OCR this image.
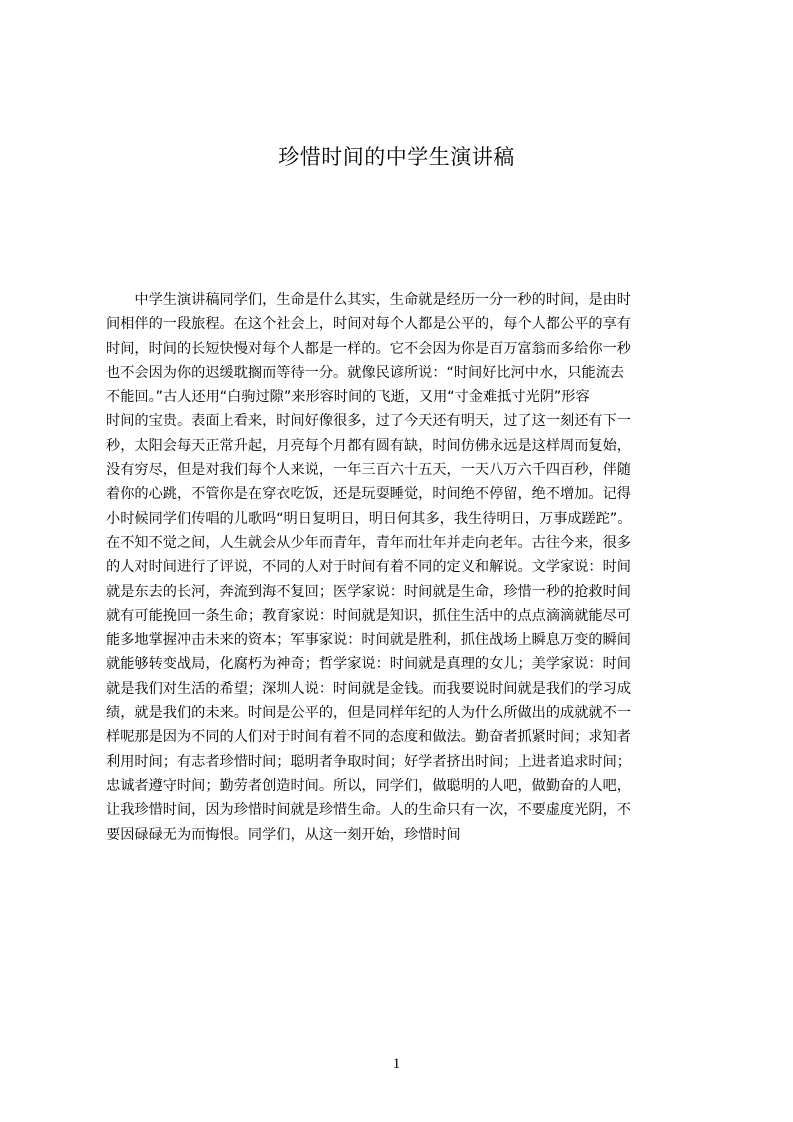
珍惜时间的中学生演讲稿
　　中学生演讲稿同学们，生命是什么其实，生命就是经历一分一秒的时间，是由时
间相伴的一段旅程。在这个社会上，时间对每个人都是公平的，每个人都公平的享有
时间，时间的长短快慢对每个人都是一样的。它不会因为你是百万富翁而多给你一秒
也不会因为你的迟缓耽搁而等待一分。就像民谚所说：“时间好比河中水，只能流去
不能回。”古人还用“白驹过隙”来形容时间的飞逝，又用“寸金难抵寸光阴”形容
时间的宝贵。表面上看来，时间好像很多，过了今天还有明天，过了这一刻还有下一
秒，太阳会每天正常升起，月亮每个月都有圆有缺，时间仿佛永远是这样周而复始，
没有穷尽，但是对我们每个人来说，一年三百六十五天，一天八万六千四百秒，伴随
着你的心跳，不管你是在穿衣吃饭，还是玩耍睡觉，时间绝不停留，绝不增加。记得
小时候同学们传唱的儿歌吗“明日复明日，明日何其多，我生待明日，万事成蹉跎”。
在不知不觉之间，人生就会从少年而青年，青年而壮年并走向老年。古往今来，很多
的人对时间进行了评说，不同的人对于时间有着不同的定义和解说。文学家说：时间
就是东去的长河，奔流到海不复回；医学家说：时间就是生命，珍惜一秒的抢救时间
就有可能挽回一条生命；教育家说：时间就是知识，抓住生活中的点点滴滴就能尽可
能多地掌握冲击未来的资本；军事家说：时间就是胜利，抓住战场上瞬息万变的瞬间
就能够转变战局，化腐朽为神奇；哲学家说：时间就是真理的女儿；美学家说：时间
就是我们对生活的希望；深圳人说：时间就是金钱。而我要说时间就是我们的学习成
绩，就是我们的未来。时间是公平的，但是同样年纪的人为什么所做出的成就就不一
样呢那是因为不同的人们对于时间有着不同的态度和做法。勤奋者抓紧时间；求知者
利用时间；有志者珍惜时间；聪明者争取时间；好学者挤出时间；上进者追求时间；
忠诚者遵守时间；勤劳者创造时间。所以，同学们，做聪明的人吧，做勤奋的人吧，
让我珍惜时间，因为珍惜时间就是珍惜生命。人的生命只有一次，不要虚度光阴，不
要因碌碌无为而悔恨。同学们，从这一刻开始，珍惜时间
1
